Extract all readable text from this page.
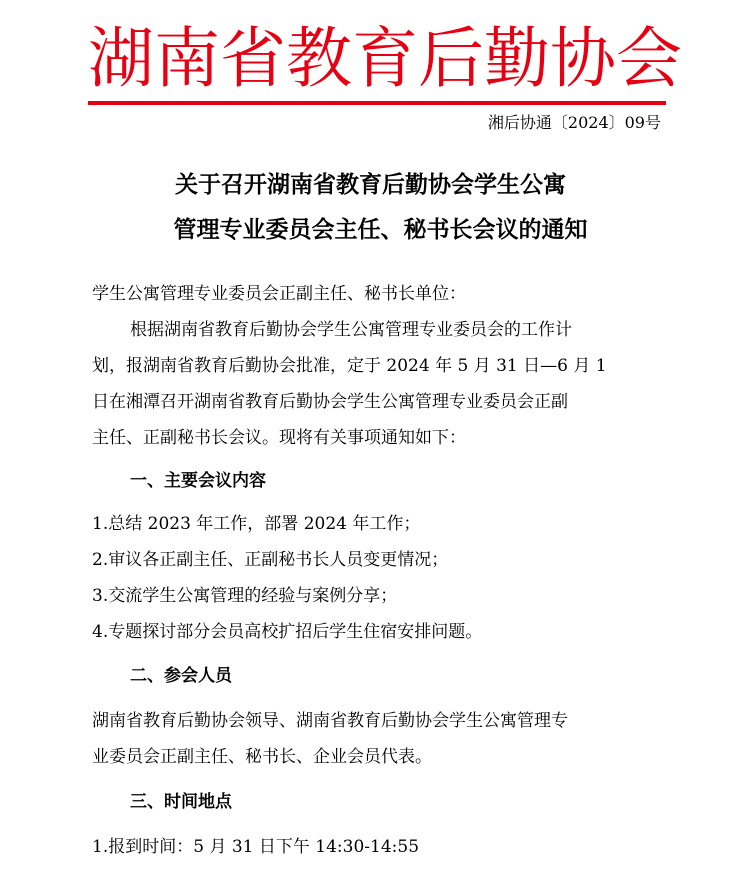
湖南省教育后勤协会
湘后协通〔2024〕09号
关于召开湖南省教育后勤协会学生公寓
管理专业委员会主任、秘书长会议的通知
学生公寓管理专业委员会正副主任、秘书长单位：
根据湖南省教育后勤协会学生公寓管理专业委员会的工作计
划，报湖南省教育后勤协会批准，定于 2024 年 5 月 31 日—6 月 1
日在湘潭召开湖南省教育后勤协会学生公寓管理专业委员会正副
主任、正副秘书长会议。现将有关事项通知如下：
一、主要会议内容
1.总结 2023 年工作，部署 2024 年工作；
2.审议各正副主任、正副秘书长人员变更情况；
3.交流学生公寓管理的经验与案例分享；
4.专题探讨部分会员高校扩招后学生住宿安排问题。
二、参会人员
湖南省教育后勤协会领导、湖南省教育后勤协会学生公寓管理专
业委员会正副主任、秘书长、企业会员代表。
三、时间地点
1.报到时间：5 月 31 日下午 14:30-14:55
